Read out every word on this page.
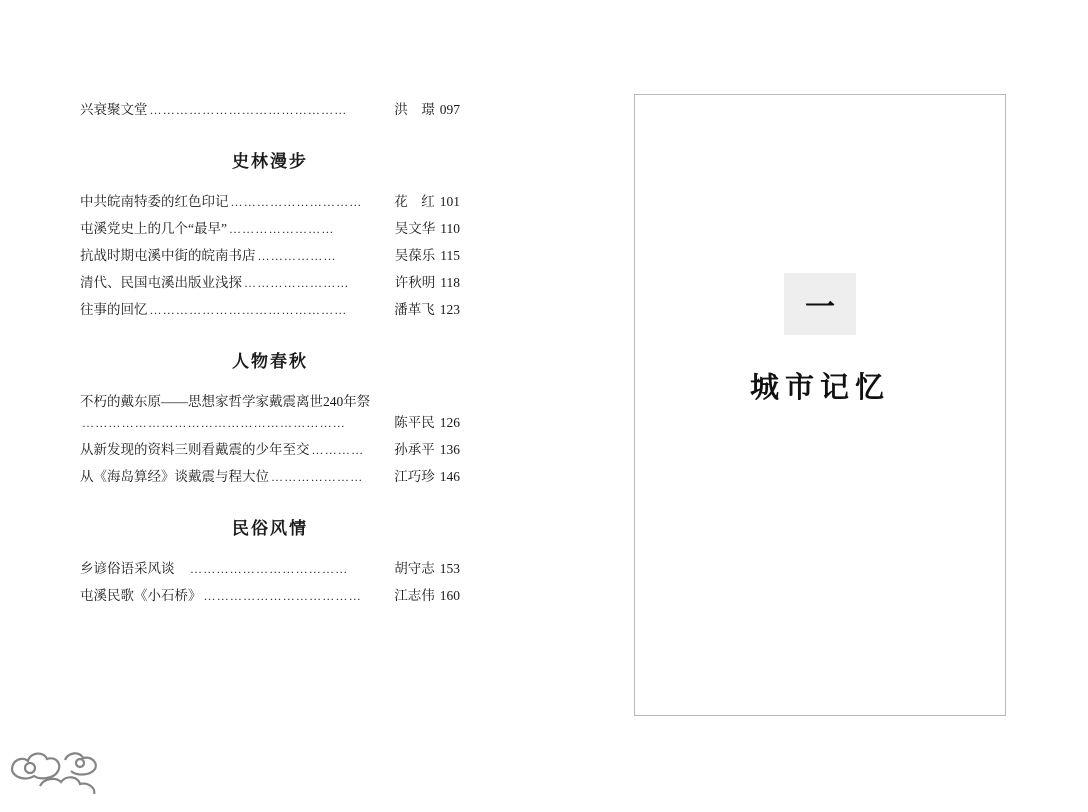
兴衰聚文堂 ………………………………………	洪　璟 097
史林漫步
中共皖南特委的红色印记 …………………………	花　红 101
屯溪党史上的几个“最早” ……………………	吴文华 110
抗战时期屯溪中街的皖南书店 ………………	吴葆乐 115
清代、民国屯溪出版业浅探 ……………………	许秋明 118
往事的回忆 ………………………………………	潘革飞 123
人物春秋
不朽的戴东原——思想家哲学家戴震离世240年祭
……………………………………………………	陈平民 126
从新发现的资料三则看戴震的少年至交 …………	孙承平 136
从《海岛算经》谈戴震与程大位 …………………	江巧珍 146
民俗风情
乡谚俗语采风谈　 ………………………………	胡守志 153
屯溪民歌《小石桥》 ………………………………	江志伟 160
一
城市记忆
